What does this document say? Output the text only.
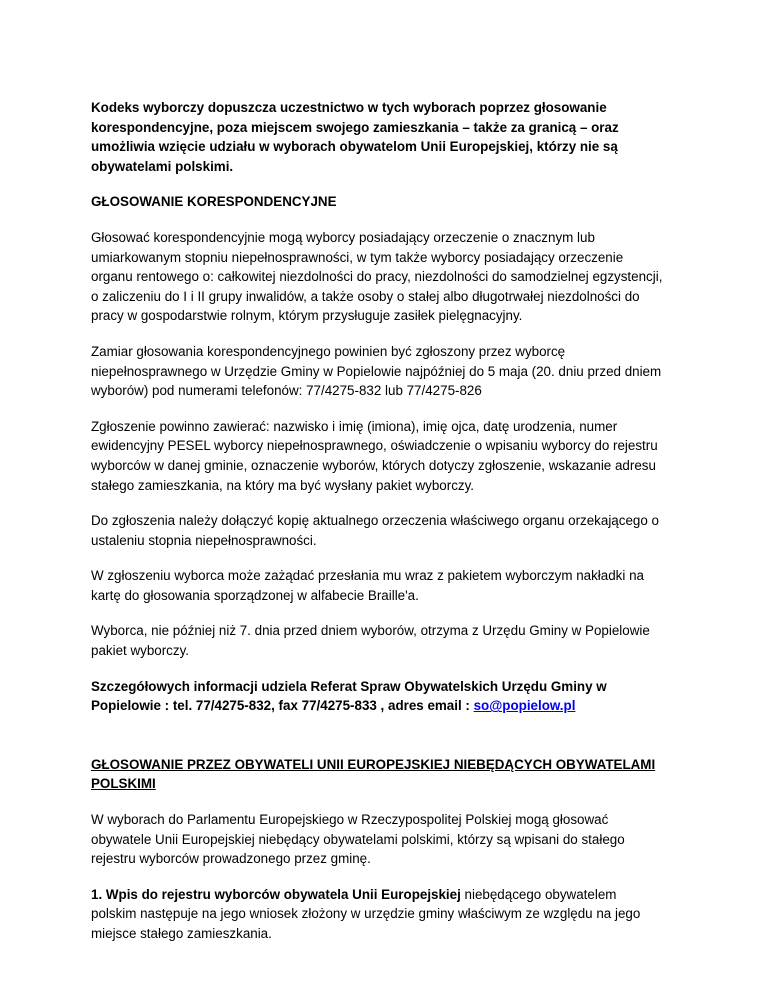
Kodeks wyborczy dopuszcza uczestnictwo w tych wyborach poprzez głosowanie korespondencyjne, poza miejscem swojego zamieszkania – także za granicą – oraz umożliwia wzięcie udziału w wyborach obywatelom Unii Europejskiej, którzy nie są obywatelami polskimi.

GŁOSOWANIE KORESPONDENCYJNE

Głosować korespondencyjnie mogą wyborcy posiadający orzeczenie o znacznym lub umiarkowanym stopniu niepełnosprawności, w tym także wyborcy posiadający orzeczenie organu rentowego o: całkowitej niezdolności do pracy, niezdolności do samodzielnej egzystencji, o zaliczeniu do I i II grupy inwalidów, a także osoby o stałej albo długotrwałej niezdolności do pracy w gospodarstwie rolnym, którym przysługuje zasiłek pielęgnacyjny.

Zamiar głosowania korespondencyjnego powinien być zgłoszony przez wyborcę niepełnosprawnego w Urzędzie Gminy w Popielowie najpóźniej do 5 maja (20. dniu przed dniem wyborów) pod numerami telefonów: 77/4275-832 lub 77/4275-826

Zgłoszenie powinno zawierać: nazwisko i imię (imiona), imię ojca, datę urodzenia, numer ewidencyjny PESEL wyborcy niepełnosprawnego, oświadczenie o wpisaniu wyborcy do rejestru wyborców w danej gminie, oznaczenie wyborów, których dotyczy zgłoszenie, wskazanie adresu stałego zamieszkania, na który ma być wysłany pakiet wyborczy.

Do zgłoszenia należy dołączyć kopię aktualnego orzeczenia właściwego organu orzekającego o ustaleniu stopnia niepełnosprawności.

W zgłoszeniu wyborca może zażądać przesłania mu wraz z pakietem wyborczym nakładki na kartę do głosowania sporządzonej w alfabecie Braille'a.

Wyborca, nie później niż 7. dnia przed dniem wyborów, otrzyma z Urzędu Gminy w Popielowie pakiet wyborczy.

Szczegółowych informacji udziela Referat Spraw Obywatelskich Urzędu Gminy w Popielowie : tel. 77/4275-832, fax 77/4275-833 , adres email : so@popielow.pl

GŁOSOWANIE PRZEZ OBYWATELI UNII EUROPEJSKIEJ NIEBĘDĄCYCH OBYWATELAMI POLSKIMI

W wyborach do Parlamentu Europejskiego w Rzeczypospolitej Polskiej mogą głosować obywatele Unii Europejskiej niebędący obywatelami polskimi, którzy są wpisani do stałego rejestru wyborców prowadzonego przez gminę.

1. Wpis do rejestru wyborców obywatela Unii Europejskiej niebędącego obywatelem polskim następuje na jego wniosek złożony w urzędzie gminy właściwym ze względu na jego miejsce stałego zamieszkania.
